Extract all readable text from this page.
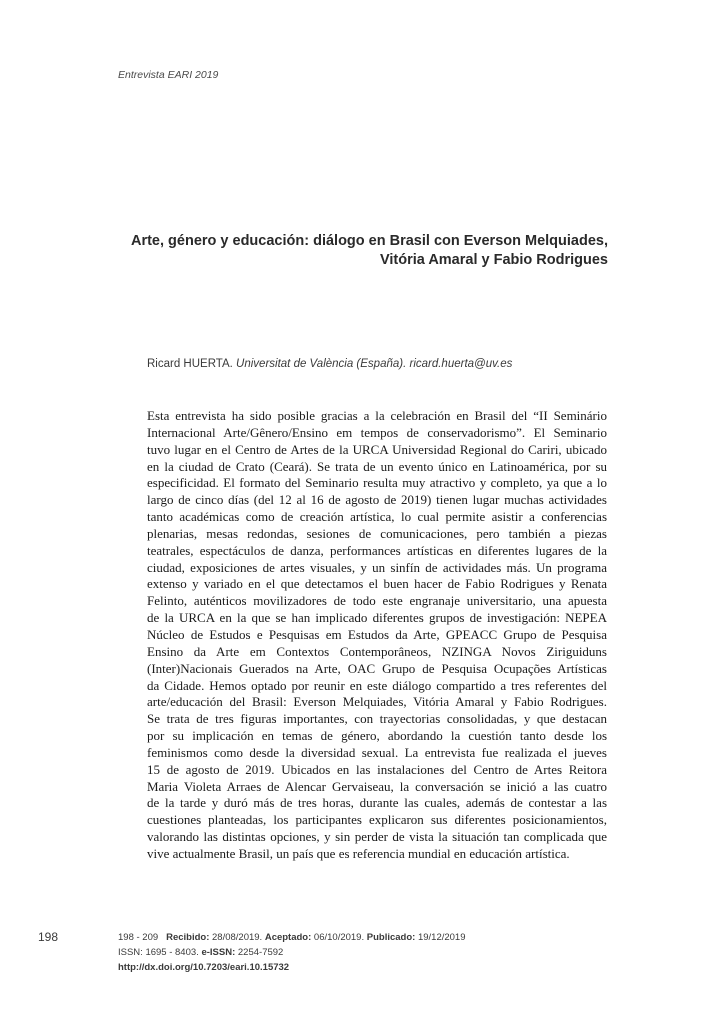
Entrevista EARI 2019
Arte, género y educación: diálogo en Brasil con Everson Melquiades,
Vitória Amaral y Fabio Rodrigues
Ricard HUERTA. Universitat de València (España). ricard.huerta@uv.es
Esta entrevista ha sido posible gracias a la celebración en Brasil del “II Seminário
Internacional Arte/Gênero/Ensino em tempos de conservadorismo”. El Seminario
tuvo lugar en el Centro de Artes de la URCA Universidad Regional do Cariri, ubicado
en la ciudad de Crato (Ceará). Se trata de un evento único en Latinoamérica, por su
especificidad. El formato del Seminario resulta muy atractivo y completo, ya que a lo
largo de cinco días (del 12 al 16 de agosto de 2019) tienen lugar muchas actividades
tanto académicas como de creación artística, lo cual permite asistir a conferencias
plenarias, mesas redondas, sesiones de comunicaciones, pero también a piezas
teatrales, espectáculos de danza, performances artísticas en diferentes lugares de la
ciudad, exposiciones de artes visuales, y un sinfín de actividades más. Un programa
extenso y variado en el que detectamos el buen hacer de Fabio Rodrigues y Renata
Felinto, auténticos movilizadores de todo este engranaje universitario, una apuesta
de la URCA en la que se han implicado diferentes grupos de investigación: NEPEA
Núcleo de Estudos e Pesquisas em Estudos da Arte, GPEACC Grupo de Pesquisa
Ensino da Arte em Contextos Contemporâneos, NZINGA Novos Ziriguiduns
(Inter)Nacionais Guerados na Arte, OAC Grupo de Pesquisa Ocupações Artísticas
da Cidade. Hemos optado por reunir en este diálogo compartido a tres referentes del
arte/educación del Brasil: Everson Melquiades, Vitória Amaral y Fabio Rodrigues.
Se trata de tres figuras importantes, con trayectorias consolidadas, y que destacan
por su implicación en temas de género, abordando la cuestión tanto desde los
feminismos como desde la diversidad sexual. La entrevista fue realizada el jueves
15 de agosto de 2019. Ubicados en las instalaciones del Centro de Artes Reitora
Maria Violeta Arraes de Alencar Gervaiseau, la conversación se inició a las cuatro
de la tarde y duró más de tres horas, durante las cuales, además de contestar a las
cuestiones planteadas, los participantes explicaron sus diferentes posicionamientos,
valorando las distintas opciones, y sin perder de vista la situación tan complicada que
vive actualmente Brasil, un país que es referencia mundial en educación artística.
198	198 - 209 Recibido: 28/08/2019. Aceptado: 06/10/2019. Publicado: 19/12/2019
ISSN: 1695 - 8403. e-ISSN: 2254-7592
http://dx.doi.org/10.7203/eari.10.15732
